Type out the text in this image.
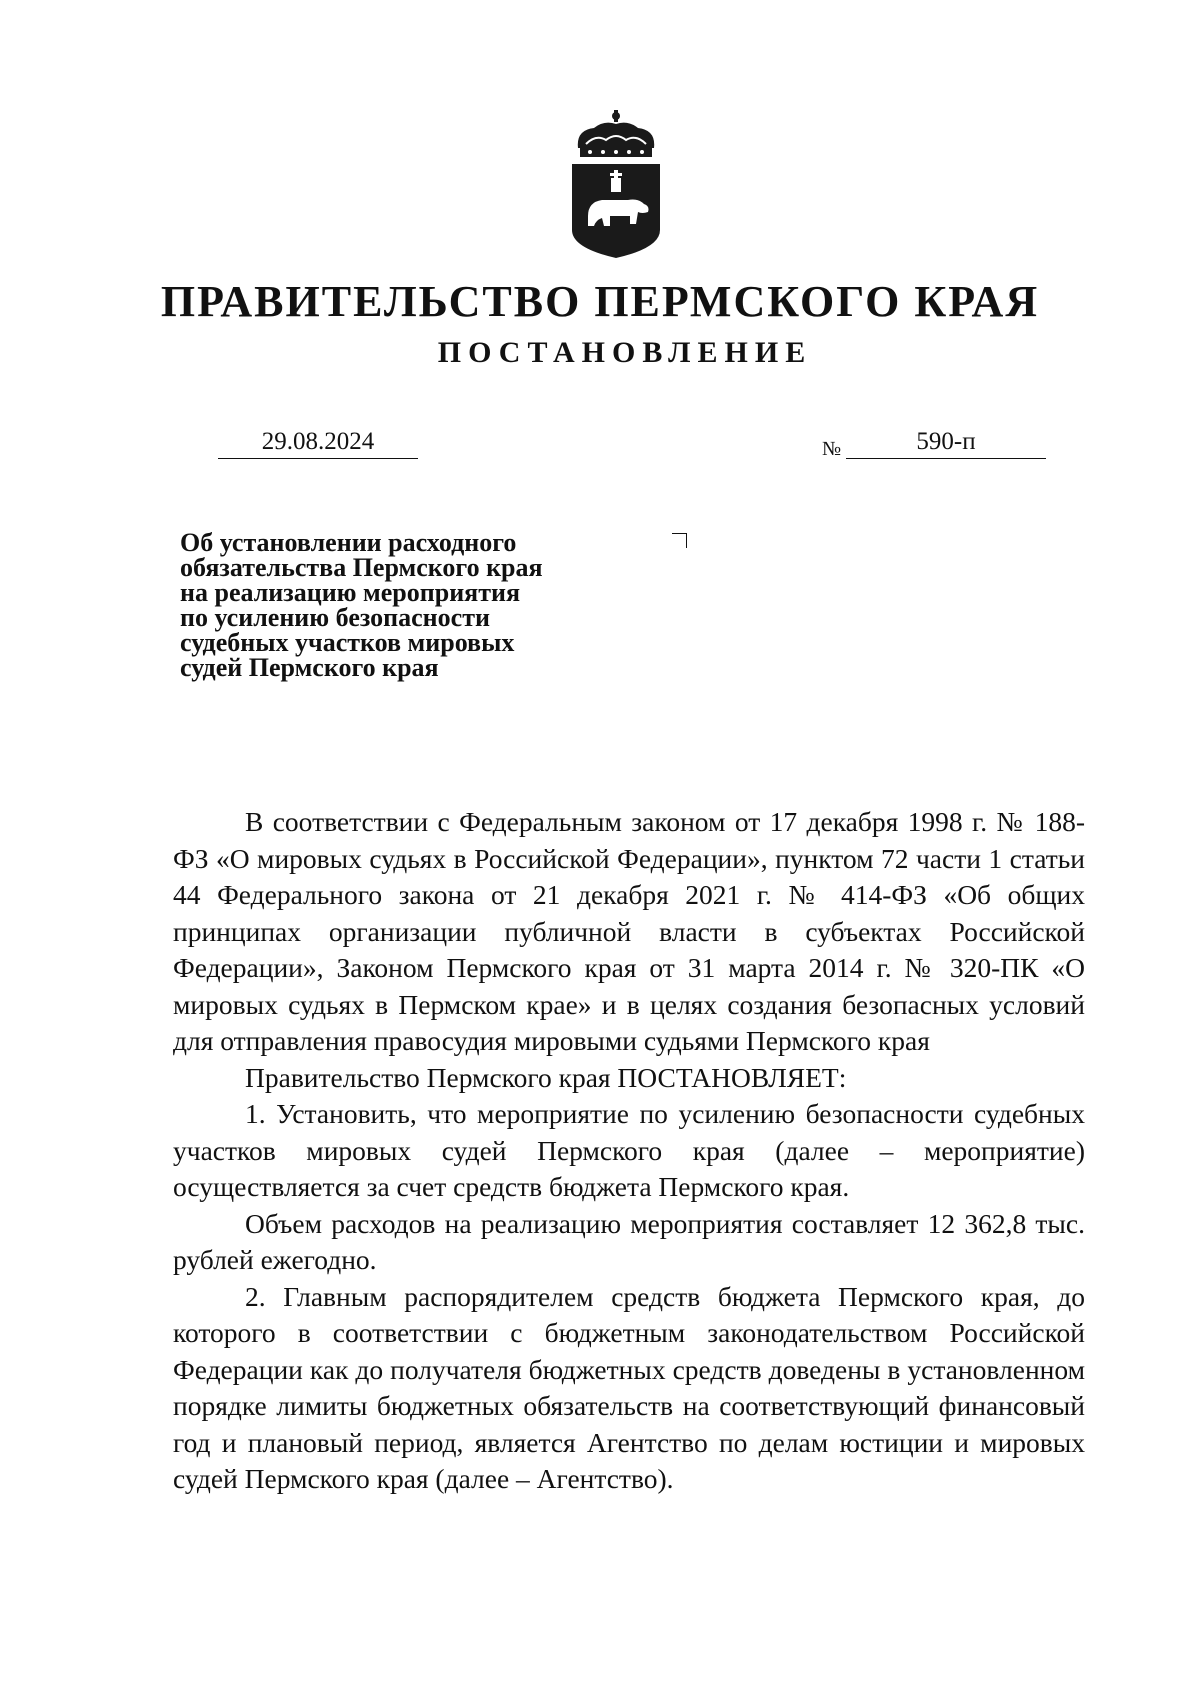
ПРАВИТЕЛЬСТВО ПЕРМСКОГО КРАЯ
ПОСТАНОВЛЕНИЕ
29.08.2024	№	590-п
Об установлении расходного
обязательства Пермского края
на реализацию мероприятия
по усилению безопасности
судебных участков мировых
судей Пермского края

В соответствии с Федеральным законом от 17 декабря 1998 г. № 188-ФЗ «О мировых судьях в Российской Федерации», пунктом 72 части 1 статьи 44 Федерального закона от 21 декабря 2021 г. № 414-ФЗ «Об общих принципах организации публичной власти в субъектах Российской Федерации», Законом Пермского края от 31 марта 2014 г. № 320-ПК «О мировых судьях в Пермском крае» и в целях создания безопасных условий для отправления правосудия мировыми судьями Пермского края

Правительство Пермского края ПОСТАНОВЛЯЕТ:

1. Установить, что мероприятие по усилению безопасности судебных участков мировых судей Пермского края (далее – мероприятие) осуществляется за счет средств бюджета Пермского края.

Объем расходов на реализацию мероприятия составляет 12 362,8 тыс. рублей ежегодно.

2. Главным распорядителем средств бюджета Пермского края, до которого в соответствии с бюджетным законодательством Российской Федерации как до получателя бюджетных средств доведены в установленном порядке лимиты бюджетных обязательств на соответствующий финансовый год и плановый период, является Агентство по делам юстиции и мировых судей Пермского края (далее – Агентство).
